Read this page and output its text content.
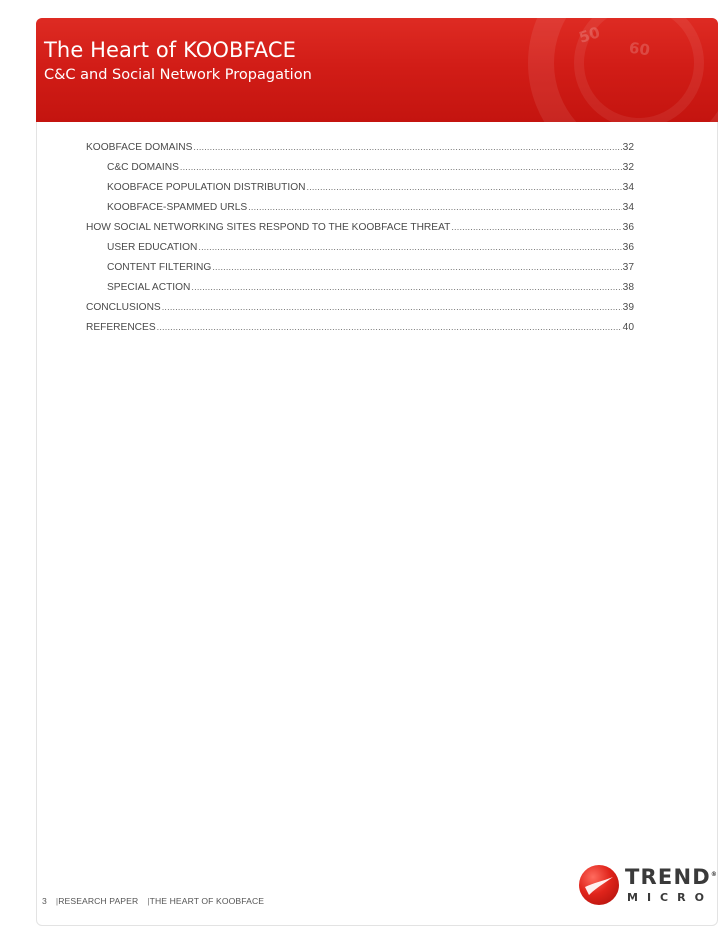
50
60
The Heart of KOOBFACE
C&C and Social Network Propagation
KOOBFACE DOMAINS .....	32
C&C DOMAINS .....	32
KOOBFACE POPULATION DISTRIBUTION .....	34
KOOBFACE-SPAMMED URLS .....	34
HOW SOCIAL NETWORKING SITES RESPOND TO THE KOOBFACE THREAT .....	36
USER EDUCATION .....	36
CONTENT FILTERING .....	37
SPECIAL ACTION .....	38
CONCLUSIONS .....	39
REFERENCES .....	40
3 |RESEARCH PAPER |THE HEART OF KOOBFACE
TREND®
MICRO
